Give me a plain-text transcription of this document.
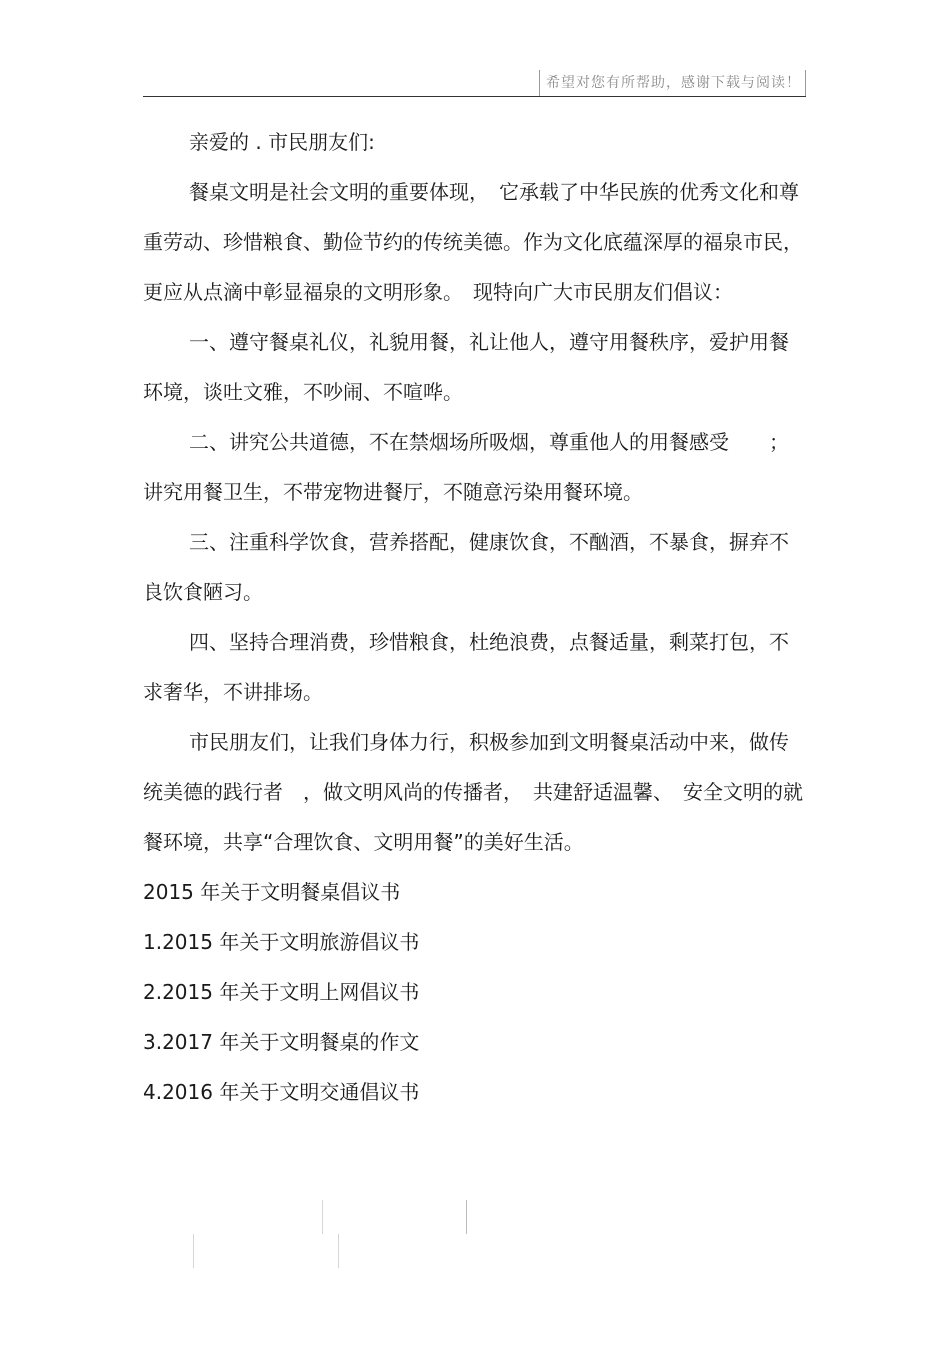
希望对您有所帮助，感谢下载与阅读！

亲爱的 . 市民朋友们:

餐桌文明是社会文明的重要体现，　它承载了中华民族的优秀文化和尊重劳动、珍惜粮食、勤俭节约的传统美德。作为文化底蕴深厚的福泉市民，　更应从点滴中彰显福泉的文明形象。　现特向广大市民朋友们倡议：

一、遵守餐桌礼仪，礼貌用餐，礼让他人，遵守用餐秩序，爱护用餐环境，谈吐文雅，不吵闹、不喧哗。

二、讲究公共道德，不在禁烟场所吸烟，尊重他人的用餐感受　　；讲究用餐卫生，不带宠物进餐厅，不随意污染用餐环境。

三、注重科学饮食，营养搭配，健康饮食，不酗酒，不暴食，摒弃不良饮食陋习。

四、坚持合理消费，珍惜粮食，杜绝浪费，点餐适量，剩菜打包，不求奢华，不讲排场。

市民朋友们，让我们身体力行，积极参加到文明餐桌活动中来，做传统美德的践行者　，做文明风尚的传播者，　共建舒适温馨、　安全文明的就餐环境，共享“合理饮食、文明用餐”的美好生活。

2015 年关于文明餐桌倡议书

1.2015 年关于文明旅游倡议书

2.2015 年关于文明上网倡议书

3.2017 年关于文明餐桌的作文

4.2016 年关于文明交通倡议书
